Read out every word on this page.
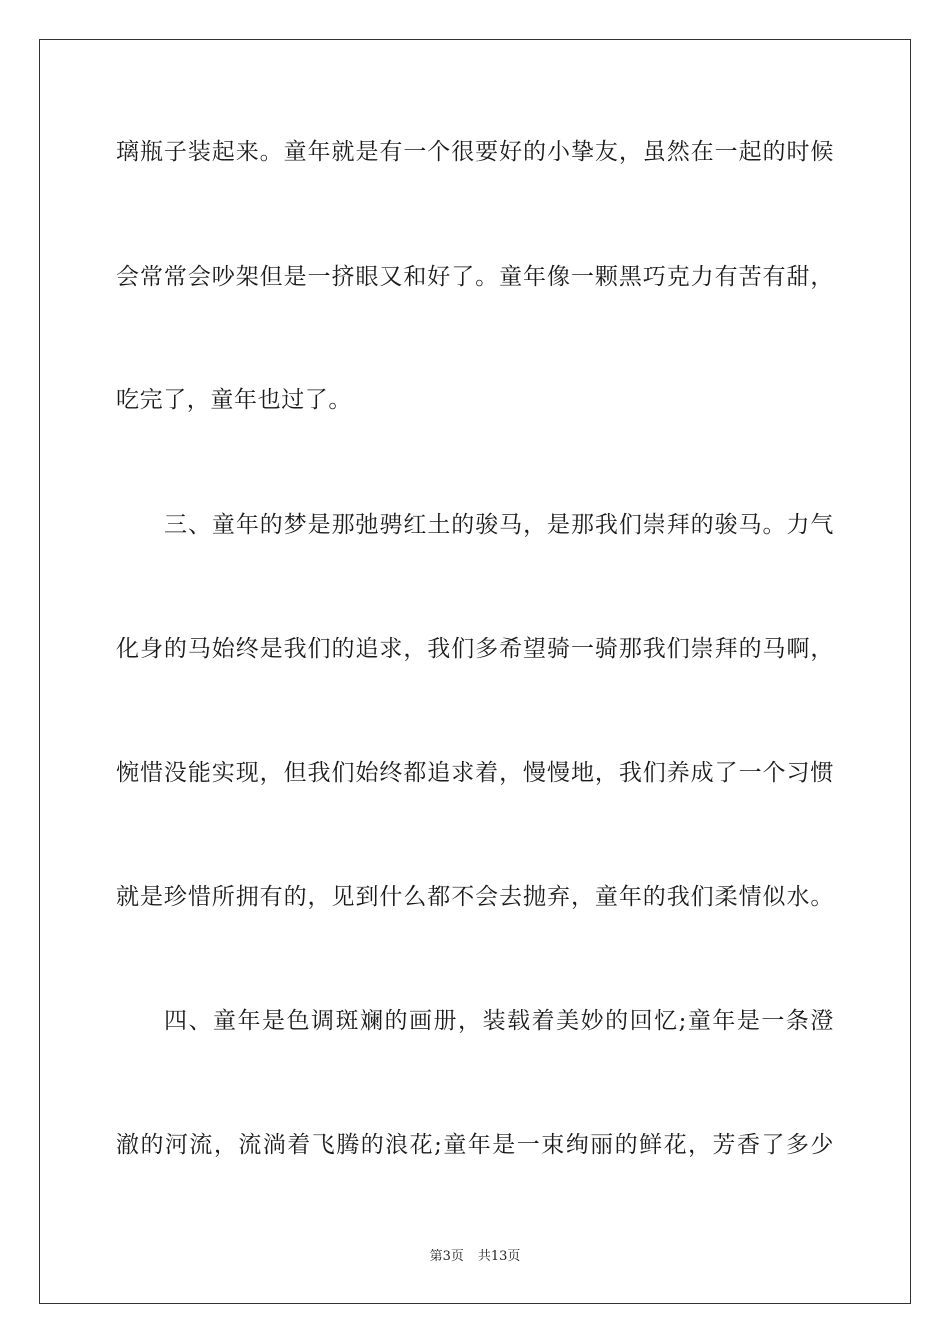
璃瓶子装起来。童年就是有一个很要好的小挚友，虽然在一起的时候
会常常会吵架但是一挤眼又和好了。童年像一颗黑巧克力有苦有甜，
吃完了，童年也过了。
三、童年的梦是那弛骋红土的骏马，是那我们崇拜的骏马。力气
化身的马始终是我们的追求，我们多希望骑一骑那我们崇拜的马啊，
惋惜没能实现，但我们始终都追求着，慢慢地，我们养成了一个习惯
就是珍惜所拥有的，见到什么都不会去抛弃，童年的我们柔情似水。
四、童年是色调斑斓的画册，装载着美妙的回忆;童年是一条澄
澈的河流，流淌着飞腾的浪花;童年是一束绚丽的鲜花，芳香了多少
第3页 共13页
